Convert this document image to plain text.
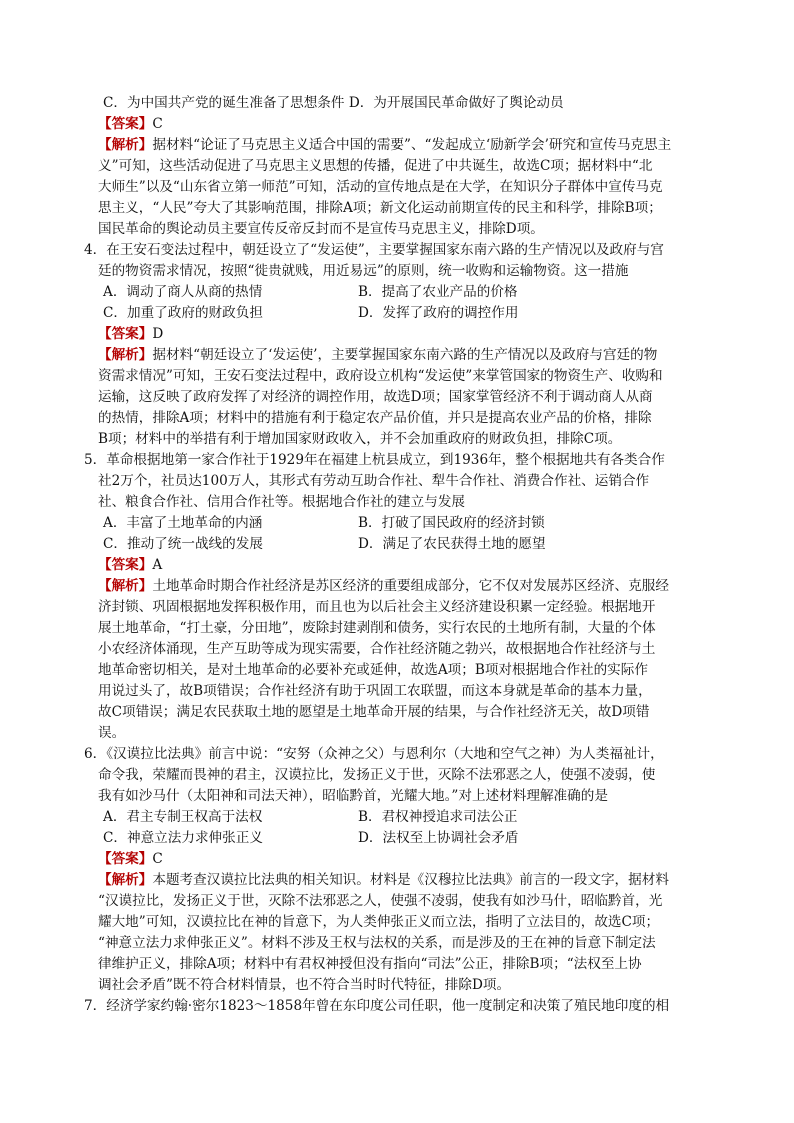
C．为中国共产党的诞生准备了思想条件 D．为开展国民革命做好了舆论动员
【答案】C
【解析】据材料“论证了马克思主义适合中国的需要”、“发起成立‘励新学会’研究和宣传马克思主
义”可知，这些活动促进了马克思主义思想的传播，促进了中共诞生，故选C项；据材料中“北
大师生”以及“山东省立第一师范”可知，活动的宣传地点是在大学，在知识分子群体中宣传马克
思主义，“人民”夸大了其影响范围，排除A项；新文化运动前期宣传的民主和科学，排除B项；
国民革命的舆论动员主要宣传反帝反封而不是宣传马克思主义，排除D项。
4．在王安石变法过程中，朝廷设立了“发运使”，主要掌握国家东南六路的生产情况以及政府与宫
廷的物资需求情况，按照“徙贵就贱，用近易远”的原则，统一收购和运输物资。这一措施
A．调动了商人从商的热情	B．提高了农业产品的价格
C．加重了政府的财政负担	D．发挥了政府的调控作用
【答案】D
【解析】据材料“朝廷设立了‘发运使’，主要掌握国家东南六路的生产情况以及政府与宫廷的物
资需求情况”可知，王安石变法过程中，政府设立机构“发运使”来掌管国家的物资生产、收购和
运输，这反映了政府发挥了对经济的调控作用，故选D项；国家掌管经济不利于调动商人从商
的热情，排除A项；材料中的措施有利于稳定农产品价值，并只是提高农业产品的价格，排除
B项；材料中的举措有利于增加国家财政收入，并不会加重政府的财政负担，排除C项。
5．革命根据地第一家合作社于1929年在福建上杭县成立，到1936年，整个根据地共有各类合作
社2万个，社员达100万人，其形式有劳动互助合作社、犁牛合作社、消费合作社、运销合作
社、粮食合作社、信用合作社等。根据地合作社的建立与发展
A．丰富了土地革命的内涵	B．打破了国民政府的经济封锁
C．推动了统一战线的发展	D．满足了农民获得土地的愿望
【答案】A
【解析】土地革命时期合作社经济是苏区经济的重要组成部分，它不仅对发展苏区经济、克服经
济封锁、巩固根据地发挥积极作用，而且也为以后社会主义经济建设积累一定经验。根据地开
展土地革命，“打土豪，分田地”，废除封建剥削和债务，实行农民的土地所有制，大量的个体
小农经济体涌现，生产互助等成为现实需要，合作社经济随之勃兴，故根据地合作社经济与土
地革命密切相关，是对土地革命的必要补充或延伸，故选A项；B项对根据地合作社的实际作
用说过头了，故B项错误；合作社经济有助于巩固工农联盟，而这本身就是革命的基本力量，
故C项错误；满足农民获取土地的愿望是土地革命开展的结果，与合作社经济无关，故D项错
误。
6．《汉谟拉比法典》前言中说：“安努（众神之父）与恩利尔（大地和空气之神）为人类福祉计，
命令我，荣耀而畏神的君主，汉谟拉比，发扬正义于世，灭除不法邪恶之人，使强不凌弱，使
我有如沙马什（太阳神和司法天神），昭临黔首，光耀大地。”对上述材料理解准确的是
A．君主专制王权高于法权	B．君权神授追求司法公正
C．神意立法力求伸张正义	D．法权至上协调社会矛盾
【答案】C
【解析】本题考查汉谟拉比法典的相关知识。材料是《汉穆拉比法典》前言的一段文字，据材料
“汉谟拉比，发扬正义于世，灭除不法邪恶之人，使强不凌弱，使我有如沙马什，昭临黔首，光
耀大地”可知，汉谟拉比在神的旨意下，为人类伸张正义而立法，指明了立法目的，故选C项；
“神意立法力求伸张正义”。材料不涉及王权与法权的关系，而是涉及的王在神的旨意下制定法
律维护正义，排除A项；材料中有君权神授但没有指向“司法”公正，排除B项；“法权至上协
调社会矛盾”既不符合材料情景，也不符合当时时代特征，排除D项。
7．经济学家约翰·密尔1823～1858年曾在东印度公司任职，他一度制定和决策了殖民地印度的相
